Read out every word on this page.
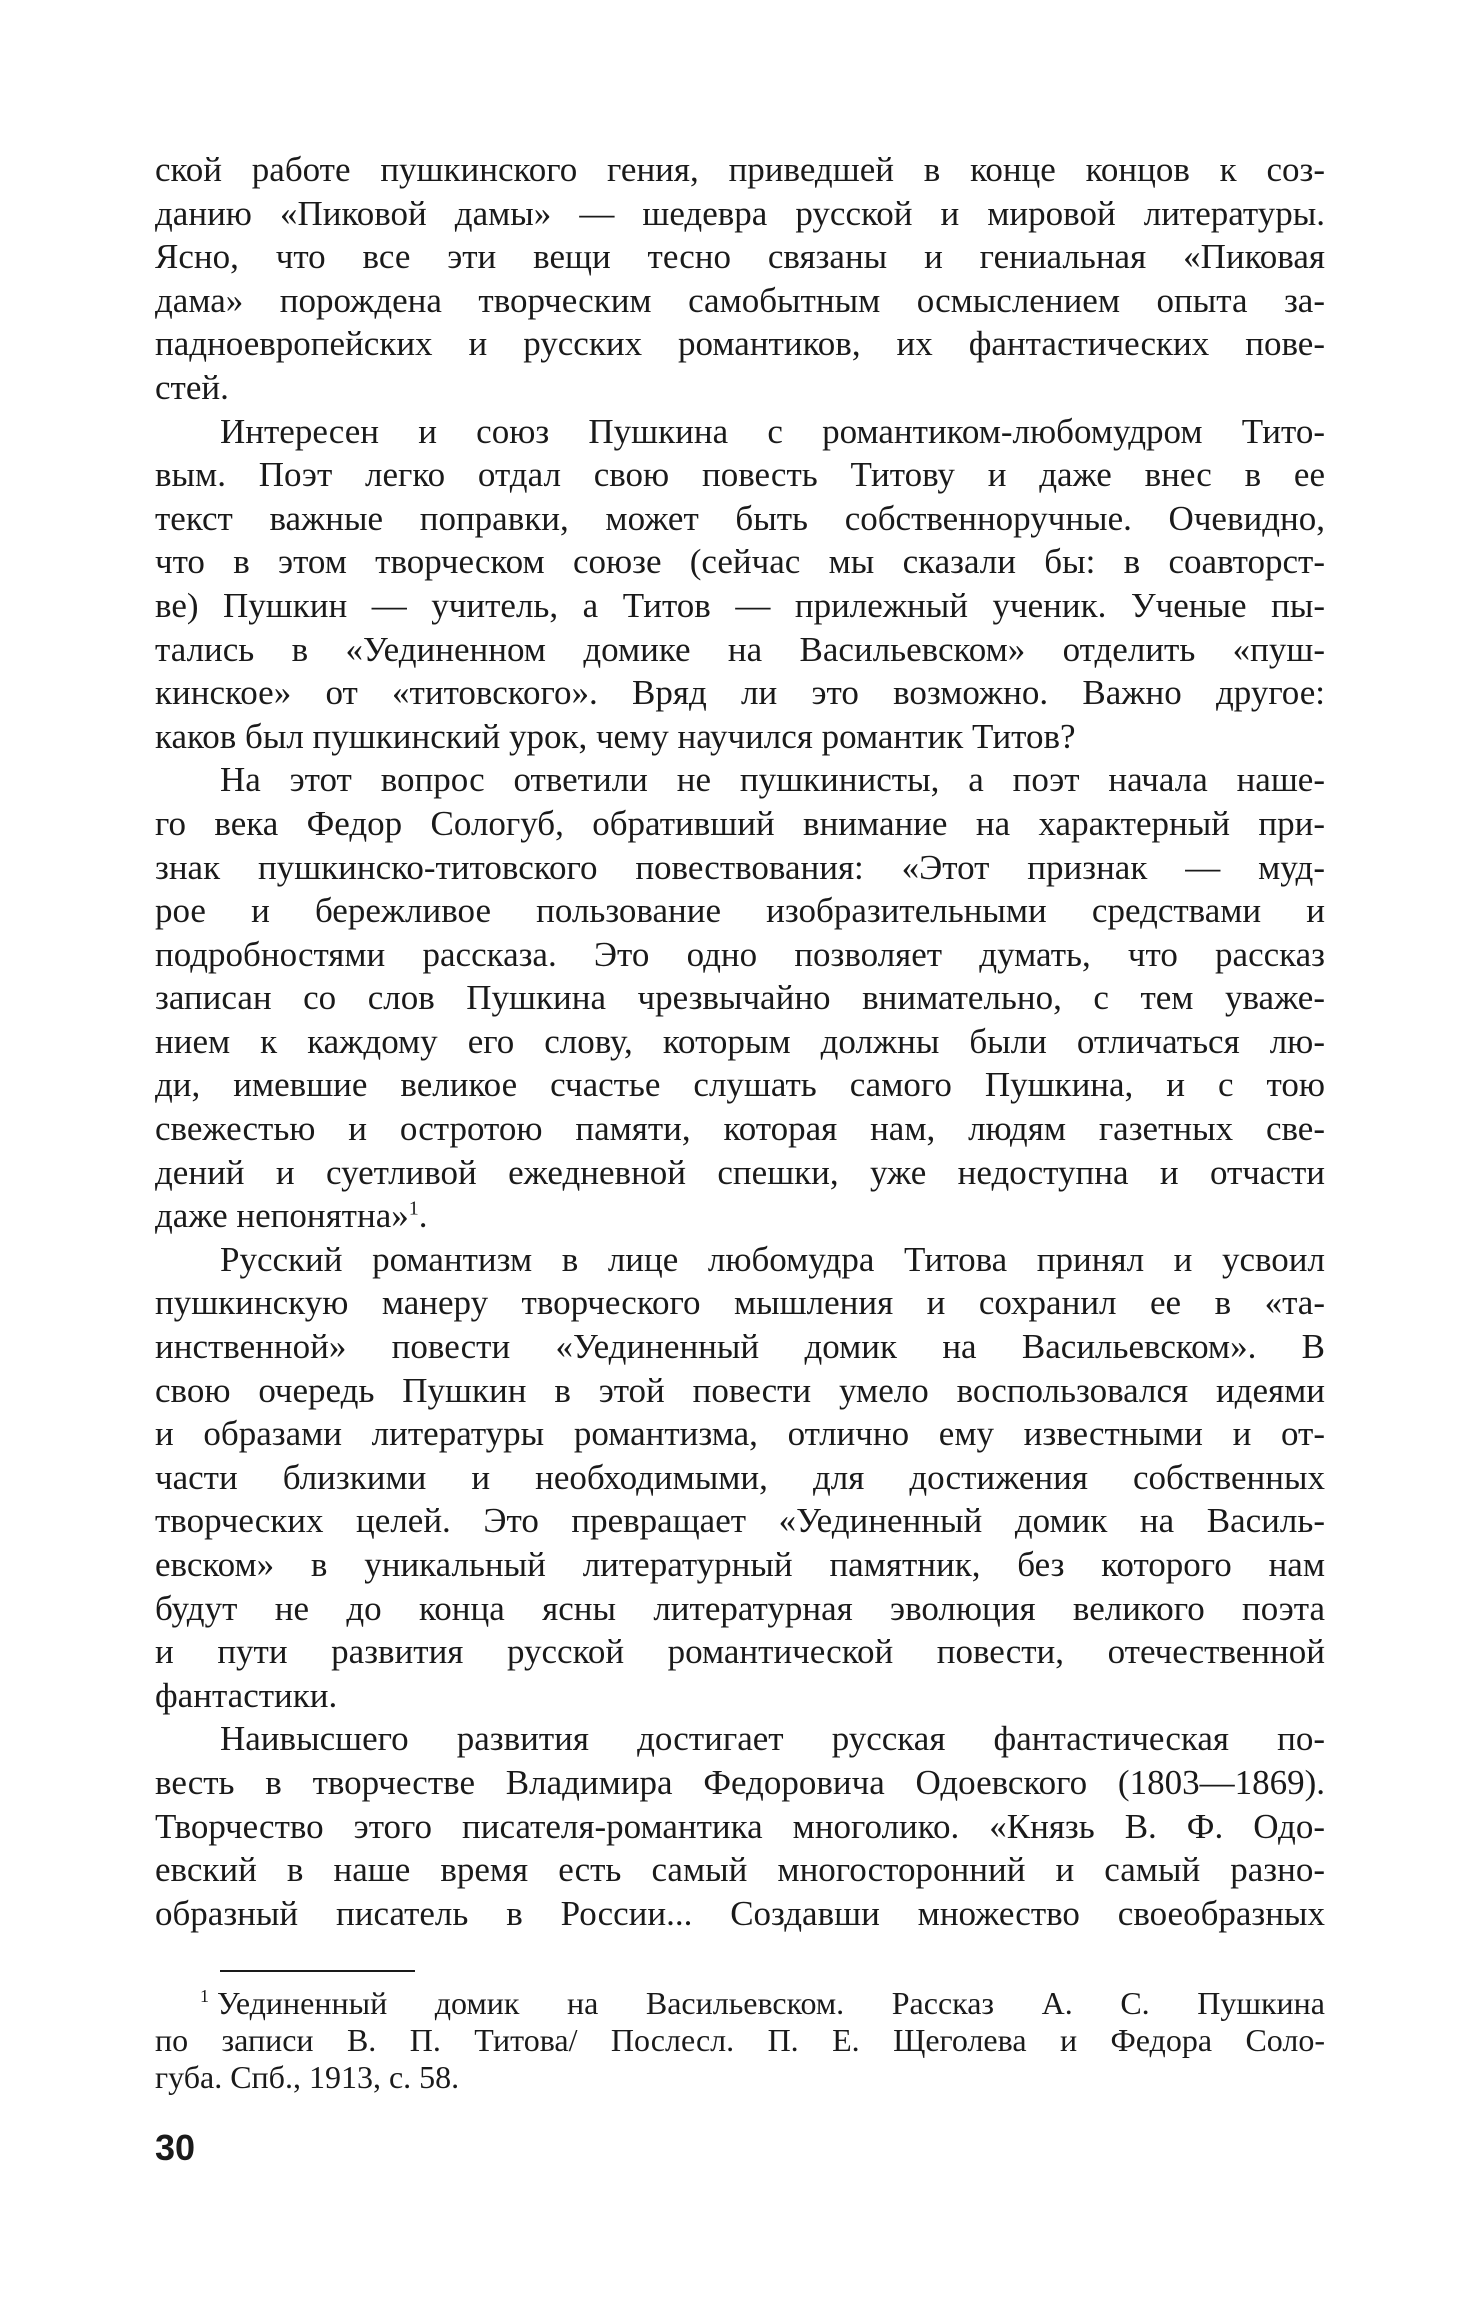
ской работе пушкинского гения, приведшей в конце концов к соз-
данию «Пиковой дамы» — шедевра русской и мировой литературы.
Ясно, что все эти вещи тесно связаны и гениальная «Пиковая
дама» порождена творческим самобытным осмыслением опыта за-
падноевропейских и русских романтиков, их фантастических пове-
стей.
Интересен и союз Пушкина с романтиком-любомудром Тито-
вым. Поэт легко отдал свою повесть Титову и даже внес в ее
текст важные поправки, может быть собственноручные. Очевидно,
что в этом творческом союзе (сейчас мы сказали бы: в соавторст-
ве) Пушкин — учитель, а Титов — прилежный ученик. Ученые пы-
тались в «Уединенном домике на Васильевском» отделить «пуш-
кинское» от «титовского». Вряд ли это возможно. Важно другое:
каков был пушкинский урок, чему научился романтик Титов?
На этот вопрос ответили не пушкинисты, а поэт начала наше-
го века Федор Сологуб, обративший внимание на характерный при-
знак пушкинско-титовского повествования: «Этот признак — муд-
рое и бережливое пользование изобразительными средствами и
подробностями рассказа. Это одно позволяет думать, что рассказ
записан со слов Пушкина чрезвычайно внимательно, с тем уваже-
нием к каждому его слову, которым должны были отличаться лю-
ди, имевшие великое счастье слушать самого Пушкина, и с тою
свежестью и остротою памяти, которая нам, людям газетных све-
дений и суетливой ежедневной спешки, уже недоступна и отчасти
даже непонятна»$^1$.
Русский романтизм в лице любомудра Титова принял и усвоил
пушкинскую манеру творческого мышления и сохранил ее в «та-
инственной» повести «Уединенный домик на Васильевском». В
свою очередь Пушкин в этой повести умело воспользовался идеями
и образами литературы романтизма, отлично ему известными и от-
части близкими и необходимыми, для достижения собственных
творческих целей. Это превращает «Уединенный домик на Василь-
евском» в уникальный литературный памятник, без которого нам
будут не до конца ясны литературная эволюция великого поэта
и пути развития русской романтической повести, отечественной
фантастики.
Наивысшего развития достигает русская фантастическая по-
весть в творчестве Владимира Федоровича Одоевского (1803—1869).
Творчество этого писателя-романтика многолико. «Князь В. Ф. Одо-
евский в наше время есть самый многосторонний и самый разно-
образный писатель в России... Создавши множество своеобразных
$^1$ Уединенный домик на Васильевском. Рассказ А. С. Пушкина
по записи В. П. Титова/ Послесл. П. Е. Щеголева и Федора Соло-
губа. Спб., 1913, с. 58.
30
